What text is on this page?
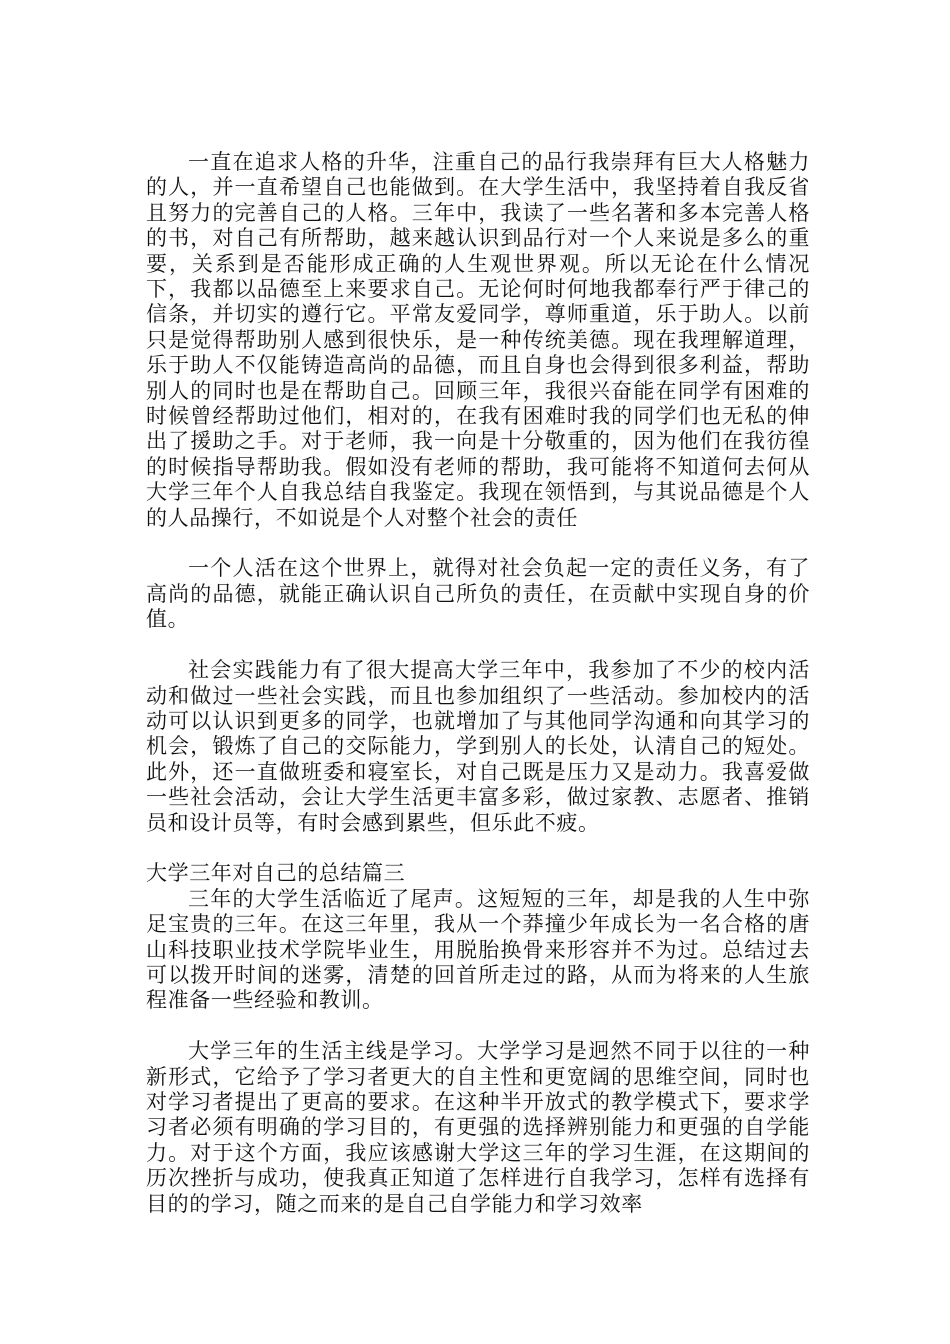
一直在追求人格的升华，注重自己的品行我崇拜有巨大人格魅力的人，并一直希望自己也能做到。在大学生活中，我坚持着自我反省且努力的完善自己的人格。三年中，我读了一些名著和多本完善人格的书，对自己有所帮助，越来越认识到品行对一个人来说是多么的重要，关系到是否能形成正确的人生观世界观。所以无论在什么情况下，我都以品德至上来要求自己。无论何时何地我都奉行严于律己的信条，并切实的遵行它。平常友爱同学，尊师重道，乐于助人。以前只是觉得帮助别人感到很快乐，是一种传统美德。现在我理解道理，乐于助人不仅能铸造高尚的品德，而且自身也会得到很多利益，帮助别人的同时也是在帮助自己。回顾三年，我很兴奋能在同学有困难的时候曾经帮助过他们，相对的，在我有困难时我的同学们也无私的伸出了援助之手。对于老师，我一向是十分敬重的，因为他们在我彷徨的时候指导帮助我。假如没有老师的帮助，我可能将不知道何去何从大学三年个人自我总结自我鉴定。我现在领悟到，与其说品德是个人的人品操行，不如说是个人对整个社会的责任

一个人活在这个世界上，就得对社会负起一定的责任义务，有了高尚的品德，就能正确认识自己所负的责任，在贡献中实现自身的价值。

社会实践能力有了很大提高大学三年中，我参加了不少的校内活动和做过一些社会实践，而且也参加组织了一些活动。参加校内的活动可以认识到更多的同学，也就增加了与其他同学沟通和向其学习的机会，锻炼了自己的交际能力，学到别人的长处，认清自己的短处。此外，还一直做班委和寝室长，对自己既是压力又是动力。我喜爱做一些社会活动，会让大学生活更丰富多彩，做过家教、志愿者、推销员和设计员等，有时会感到累些，但乐此不疲。

大学三年对自己的总结篇三

三年的大学生活临近了尾声。这短短的三年，却是我的人生中弥足宝贵的三年。在这三年里，我从一个莽撞少年成长为一名合格的唐山科技职业技术学院毕业生，用脱胎换骨来形容并不为过。总结过去可以拨开时间的迷雾，清楚的回首所走过的路，从而为将来的人生旅程准备一些经验和教训。

大学三年的生活主线是学习。大学学习是迥然不同于以往的一种新形式，它给予了学习者更大的自主性和更宽阔的思维空间，同时也对学习者提出了更高的要求。在这种半开放式的教学模式下，要求学习者必须有明确的学习目的，有更强的选择辨别能力和更强的自学能力。对于这个方面，我应该感谢大学这三年的学习生涯，在这期间的历次挫折与成功，使我真正知道了怎样进行自我学习，怎样有选择有目的的学习，随之而来的是自己自学能力和学习效率
